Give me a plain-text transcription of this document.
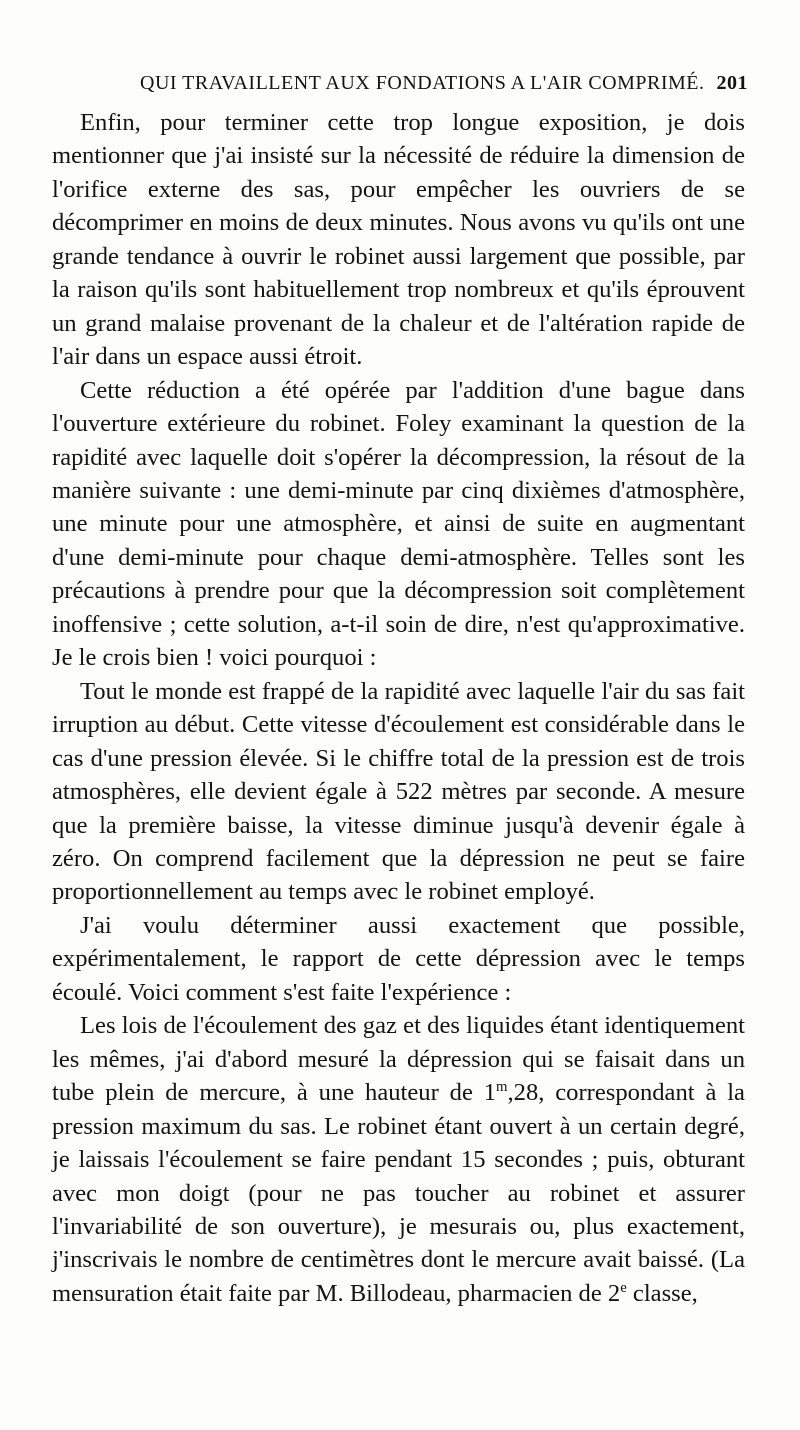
QUI TRAVAILLENT AUX FONDATIONS A L'AIR COMPRIMÉ. 201

Enfin, pour terminer cette trop longue exposition, je dois mentionner que j'ai insisté sur la nécessité de réduire la dimension de l'orifice externe des sas, pour empêcher les ouvriers de se décomprimer en moins de deux minutes. Nous avons vu qu'ils ont une grande tendance à ouvrir le robinet aussi largement que possible, par la raison qu'ils sont habituellement trop nombreux et qu'ils éprouvent un grand malaise provenant de la chaleur et de l'altération rapide de l'air dans un espace aussi étroit.

Cette réduction a été opérée par l'addition d'une bague dans l'ouverture extérieure du robinet. Foley examinant la question de la rapidité avec laquelle doit s'opérer la décompression, la résout de la manière suivante : une demi-minute par cinq dixièmes d'atmosphère, une minute pour une atmosphère, et ainsi de suite en augmentant d'une demi-minute pour chaque demi-atmosphère. Telles sont les précautions à prendre pour que la décompression soit complètement inoffensive ; cette solution, a-t-il soin de dire, n'est qu'approximative. Je le crois bien ! voici pourquoi :

Tout le monde est frappé de la rapidité avec laquelle l'air du sas fait irruption au début. Cette vitesse d'écoulement est considérable dans le cas d'une pression élevée. Si le chiffre total de la pression est de trois atmosphères, elle devient égale à 522 mètres par seconde. A mesure que la première baisse, la vitesse diminue jusqu'à devenir égale à zéro. On comprend facilement que la dépression ne peut se faire proportionnellement au temps avec le robinet employé.

J'ai voulu déterminer aussi exactement que possible, expérimentalement, le rapport de cette dépression avec le temps écoulé. Voici comment s'est faite l'expérience :

Les lois de l'écoulement des gaz et des liquides étant identiquement les mêmes, j'ai d'abord mesuré la dépression qui se faisait dans un tube plein de mercure, à une hauteur de 1$^m$,28, correspondant à la pression maximum du sas. Le robinet étant ouvert à un certain degré, je laissais l'écoulement se faire pendant 15 secondes ; puis, obturant avec mon doigt (pour ne pas toucher au robinet et assurer l'invariabilité de son ouverture), je mesurais ou, plus exactement, j'inscrivais le nombre de centimètres dont le mercure avait baissé. (La mensuration était faite par M. Billodeau, pharmacien de 2e classe,
